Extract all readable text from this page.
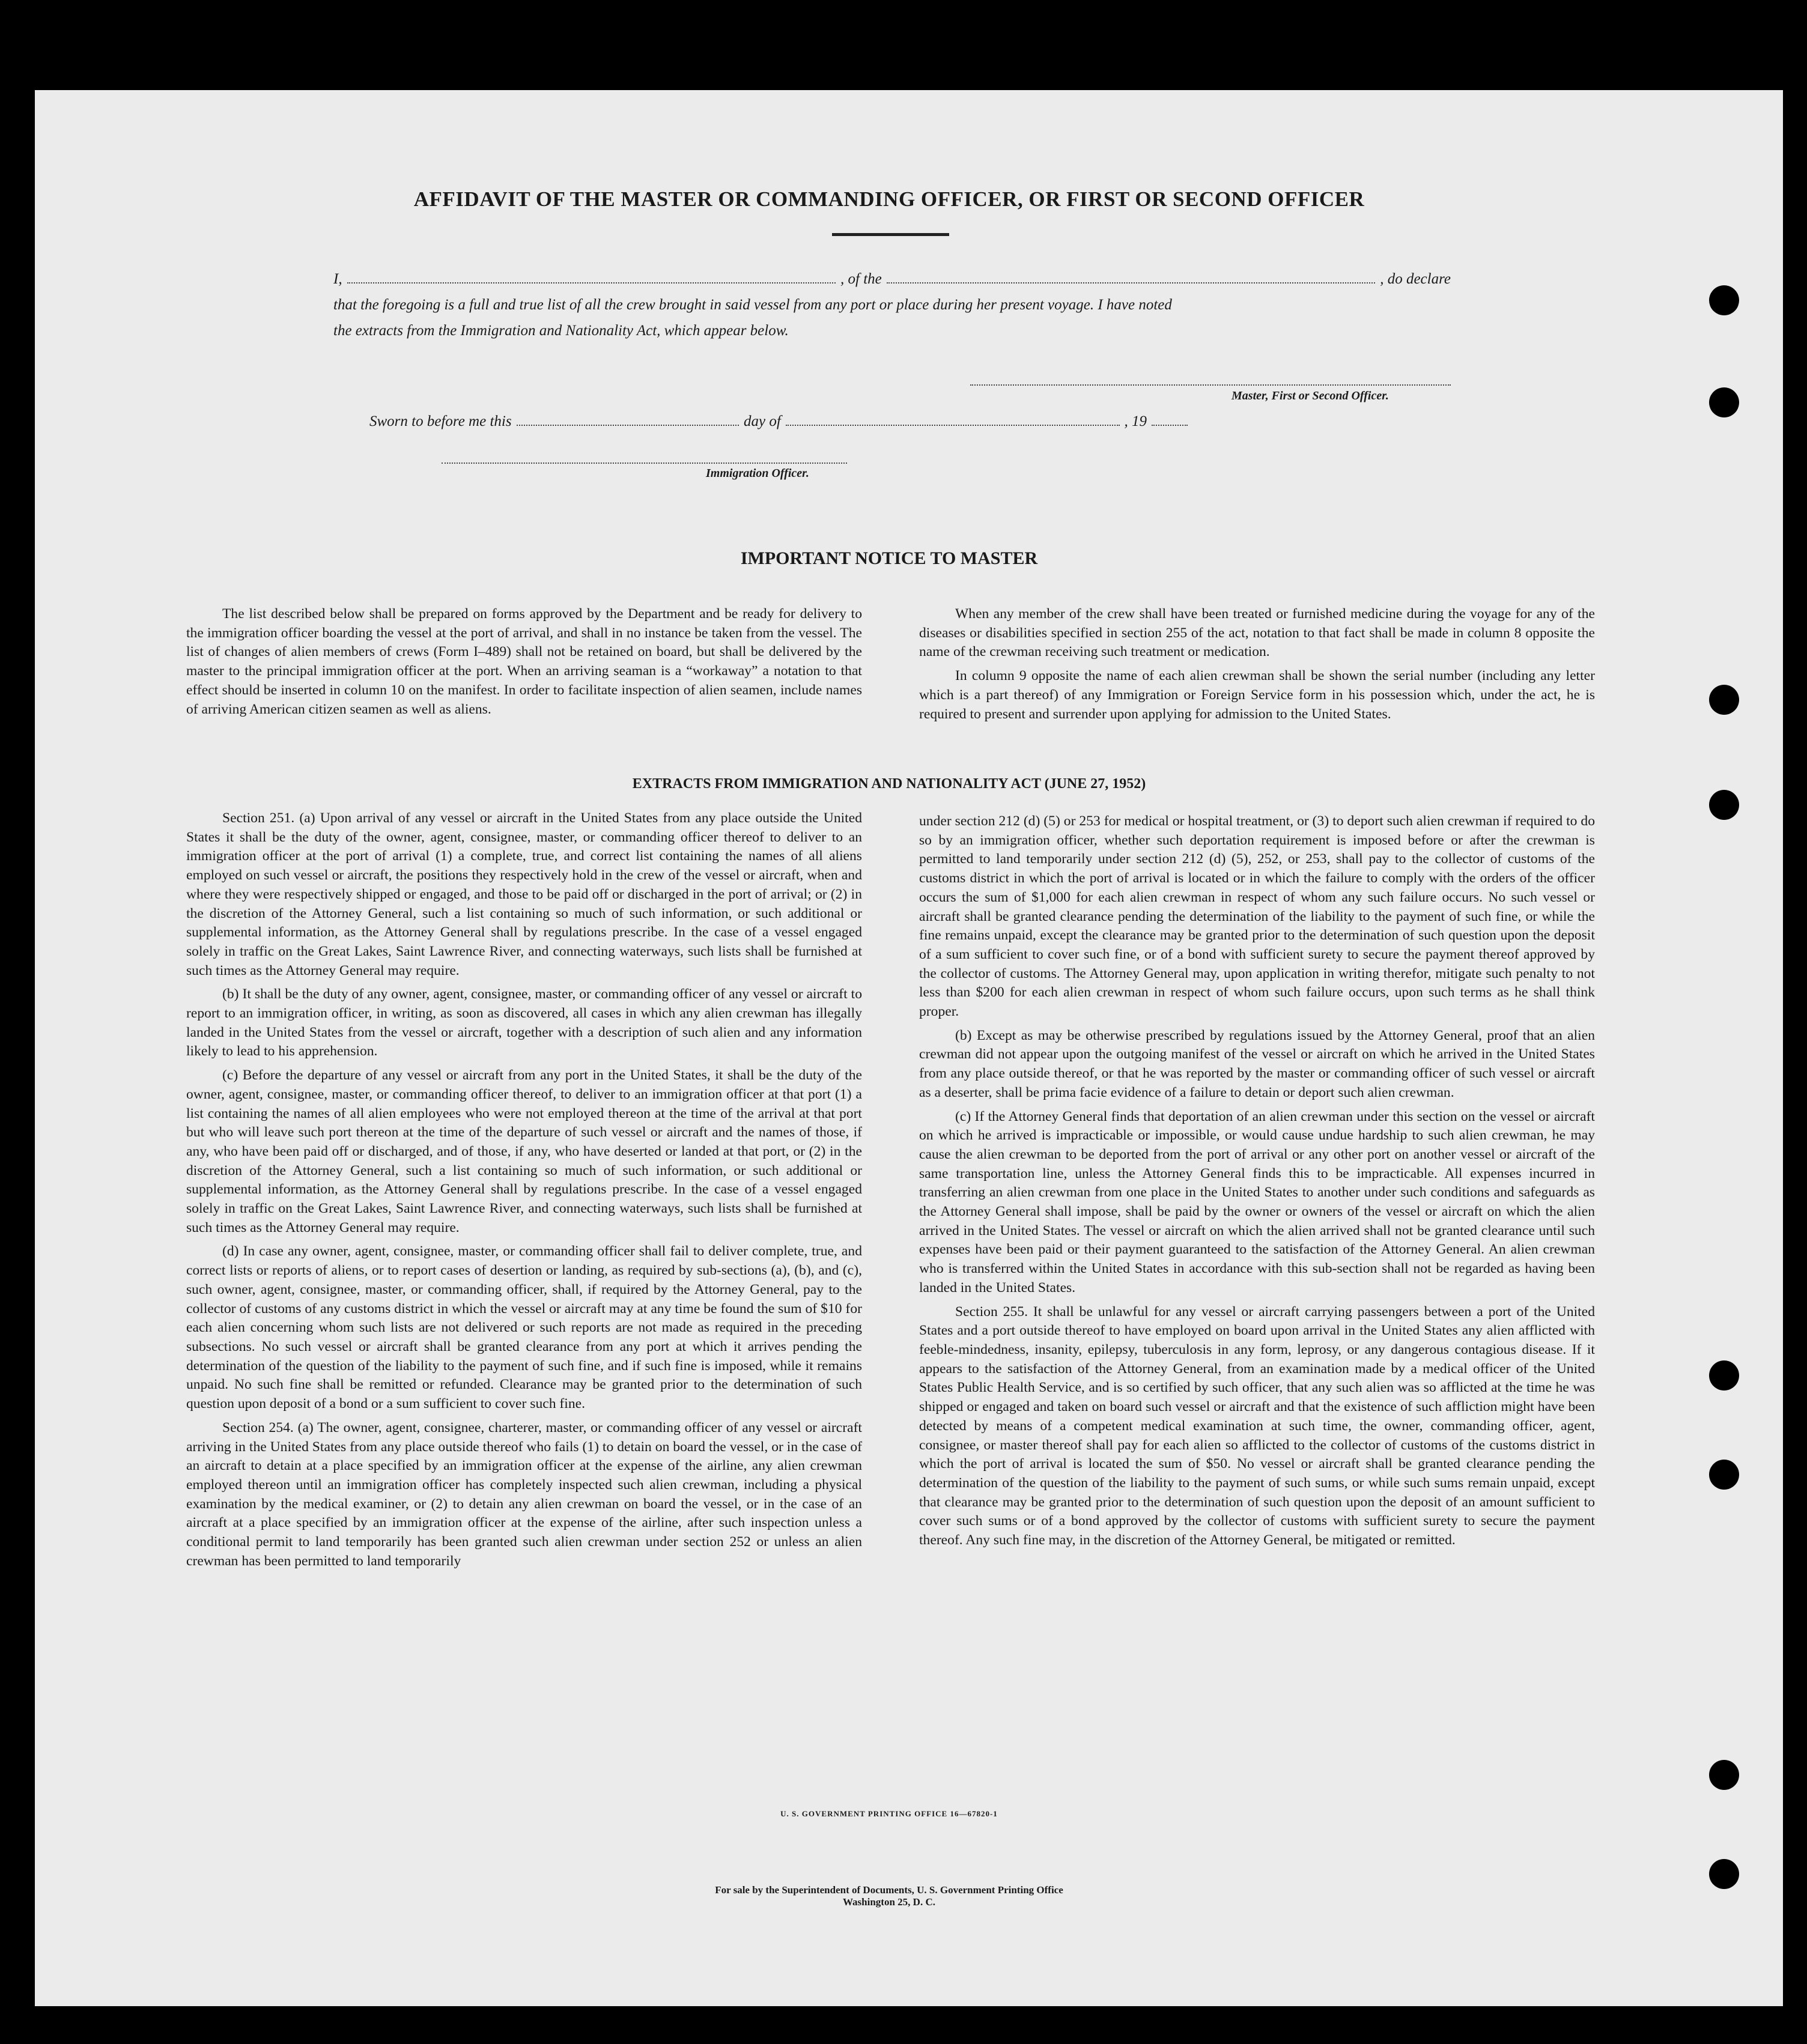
AFFIDAVIT OF THE MASTER OR COMMANDING OFFICER, OR FIRST OR SECOND OFFICER
I,	, of the	, do declare
that the foregoing is a full and true list of all the crew brought in said vessel from any port or place during her present voyage. I have noted
the extracts from the Immigration and Nationality Act, which appear below.
Master, First or Second Officer.
Sworn to before me this	day of	, 19
Immigration Officer.
IMPORTANT NOTICE TO MASTER

The list described below shall be prepared on forms approved by the Department and be ready for delivery to the immigration officer boarding the vessel at the port of arrival, and shall in no instance be taken from the vessel. The list of changes of alien members of crews (Form I–489) shall not be retained on board, but shall be delivered by the master to the principal immigration officer at the port. When an arriving seaman is a “workaway” a notation to that effect should be inserted in column 10 on the manifest. In order to facilitate inspection of alien seamen, include names of arriving American citizen seamen as well as aliens.

When any member of the crew shall have been treated or furnished medicine during the voyage for any of the diseases or disabilities specified in section 255 of the act, notation to that fact shall be made in column 8 opposite the name of the crewman receiving such treatment or medication.

In column 9 opposite the name of each alien crewman shall be shown the serial number (including any letter which is a part thereof) of any Immigration or Foreign Service form in his possession which, under the act, he is required to present and surrender upon applying for admission to the United States.

EXTRACTS FROM IMMIGRATION AND NATIONALITY ACT (JUNE 27, 1952)

Section 251. (a) Upon arrival of any vessel or aircraft in the United States from any place outside the United States it shall be the duty of the owner, agent, consignee, master, or commanding officer thereof to deliver to an immigration officer at the port of arrival (1) a complete, true, and correct list containing the names of all aliens employed on such vessel or aircraft, the positions they respectively hold in the crew of the vessel or aircraft, when and where they were respectively shipped or engaged, and those to be paid off or discharged in the port of arrival; or (2) in the discretion of the Attorney General, such a list containing so much of such information, or such additional or supplemental information, as the Attorney General shall by regulations prescribe. In the case of a vessel engaged solely in traffic on the Great Lakes, Saint Lawrence River, and connecting waterways, such lists shall be furnished at such times as the Attorney General may require.

(b) It shall be the duty of any owner, agent, consignee, master, or commanding officer of any vessel or aircraft to report to an immigration officer, in writing, as soon as discovered, all cases in which any alien crewman has illegally landed in the United States from the vessel or aircraft, together with a description of such alien and any information likely to lead to his apprehension.

(c) Before the departure of any vessel or aircraft from any port in the United States, it shall be the duty of the owner, agent, consignee, master, or commanding officer thereof, to deliver to an immigration officer at that port (1) a list containing the names of all alien employees who were not employed thereon at the time of the arrival at that port but who will leave such port thereon at the time of the departure of such vessel or aircraft and the names of those, if any, who have been paid off or discharged, and of those, if any, who have deserted or landed at that port, or (2) in the discretion of the Attorney General, such a list containing so much of such information, or such additional or supplemental information, as the Attorney General shall by regulations prescribe. In the case of a vessel engaged solely in traffic on the Great Lakes, Saint Lawrence River, and connecting waterways, such lists shall be furnished at such times as the Attorney General may require.

(d) In case any owner, agent, consignee, master, or commanding officer shall fail to deliver complete, true, and correct lists or reports of aliens, or to report cases of desertion or landing, as required by sub-sections (a), (b), and (c), such owner, agent, consignee, master, or commanding officer, shall, if required by the Attorney General, pay to the collector of customs of any customs district in which the vessel or aircraft may at any time be found the sum of $10 for each alien concerning whom such lists are not delivered or such reports are not made as required in the preceding subsections. No such vessel or aircraft shall be granted clearance from any port at which it arrives pending the determination of the question of the liability to the payment of such fine, and if such fine is imposed, while it remains unpaid. No such fine shall be remitted or refunded. Clearance may be granted prior to the determination of such question upon deposit of a bond or a sum sufficient to cover such fine.

Section 254. (a) The owner, agent, consignee, charterer, master, or commanding officer of any vessel or aircraft arriving in the United States from any place outside thereof who fails (1) to detain on board the vessel, or in the case of an aircraft to detain at a place specified by an immigration officer at the expense of the airline, any alien crewman employed thereon until an immigration officer has completely inspected such alien crewman, including a physical examination by the medical examiner, or (2) to detain any alien crewman on board the vessel, or in the case of an aircraft at a place specified by an immigration officer at the expense of the airline, after such inspection unless a conditional permit to land temporarily has been granted such alien crewman under section 252 or unless an alien crewman has been permitted to land temporarily

under section 212 (d) (5) or 253 for medical or hospital treatment, or (3) to deport such alien crewman if required to do so by an immigration officer, whether such deportation requirement is imposed before or after the crewman is permitted to land temporarily under section 212 (d) (5), 252, or 253, shall pay to the collector of customs of the customs district in which the port of arrival is located or in which the failure to comply with the orders of the officer occurs the sum of $1,000 for each alien crewman in respect of whom any such failure occurs. No such vessel or aircraft shall be granted clearance pending the determination of the liability to the payment of such fine, or while the fine remains unpaid, except the clearance may be granted prior to the determination of such question upon the deposit of a sum sufficient to cover such fine, or of a bond with sufficient surety to secure the payment thereof approved by the collector of customs. The Attorney General may, upon application in writing therefor, mitigate such penalty to not less than $200 for each alien crewman in respect of whom such failure occurs, upon such terms as he shall think proper.

(b) Except as may be otherwise prescribed by regulations issued by the Attorney General, proof that an alien crewman did not appear upon the outgoing manifest of the vessel or aircraft on which he arrived in the United States from any place outside thereof, or that he was reported by the master or commanding officer of such vessel or aircraft as a deserter, shall be prima facie evidence of a failure to detain or deport such alien crewman.

(c) If the Attorney General finds that deportation of an alien crewman under this section on the vessel or aircraft on which he arrived is impracticable or impossible, or would cause undue hardship to such alien crewman, he may cause the alien crewman to be deported from the port of arrival or any other port on another vessel or aircraft of the same transportation line, unless the Attorney General finds this to be impracticable. All expenses incurred in transferring an alien crewman from one place in the United States to another under such conditions and safeguards as the Attorney General shall impose, shall be paid by the owner or owners of the vessel or aircraft on which the alien arrived in the United States. The vessel or aircraft on which the alien arrived shall not be granted clearance until such expenses have been paid or their payment guaranteed to the satisfaction of the Attorney General. An alien crewman who is transferred within the United States in accordance with this sub-section shall not be regarded as having been landed in the United States.

Section 255. It shall be unlawful for any vessel or aircraft carrying passengers between a port of the United States and a port outside thereof to have employed on board upon arrival in the United States any alien afflicted with feeble-mindedness, insanity, epilepsy, tuberculosis in any form, leprosy, or any dangerous contagious disease. If it appears to the satisfaction of the Attorney General, from an examination made by a medical officer of the United States Public Health Service, and is so certified by such officer, that any such alien was so afflicted at the time he was shipped or engaged and taken on board such vessel or aircraft and that the existence of such affliction might have been detected by means of a competent medical examination at such time, the owner, commanding officer, agent, consignee, or master thereof shall pay for each alien so afflicted to the collector of customs of the customs district in which the port of arrival is located the sum of $50. No vessel or aircraft shall be granted clearance pending the determination of the question of the liability to the payment of such sums, or while such sums remain unpaid, except that clearance may be granted prior to the determination of such question upon the deposit of an amount sufficient to cover such sums or of a bond approved by the collector of customs with sufficient surety to secure the payment thereof. Any such fine may, in the discretion of the Attorney General, be mitigated or remitted.

U. S. GOVERNMENT PRINTING OFFICE 16—67820-1
For sale by the Superintendent of Documents, U. S. Government Printing Office
Washington 25, D. C.
